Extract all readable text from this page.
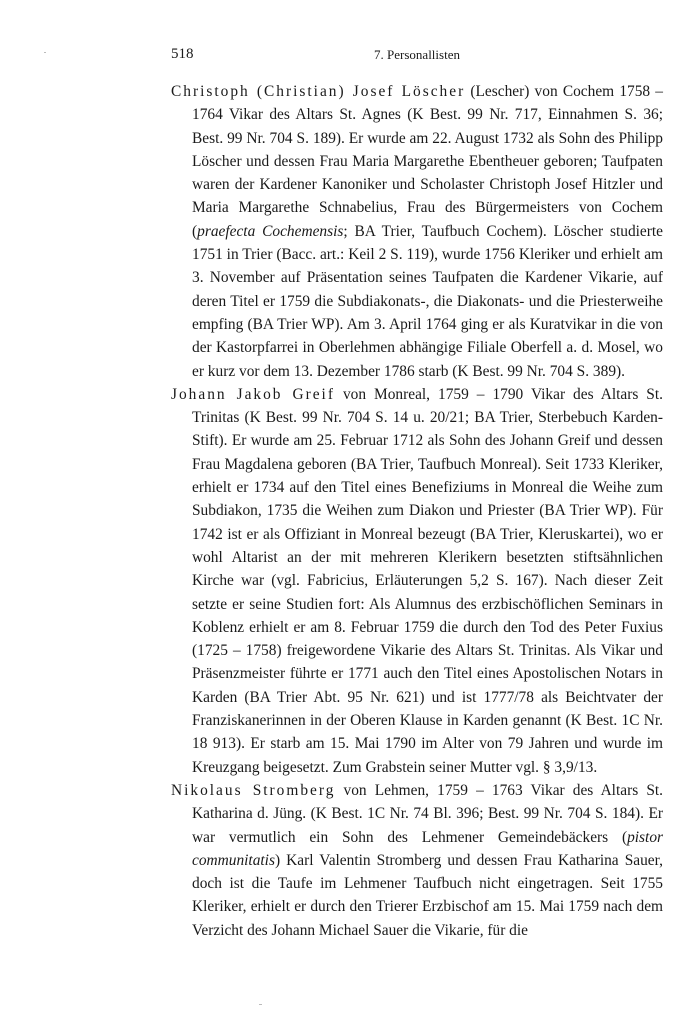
518	7. Personallisten

Christoph (Christian) Josef Löscher (Lescher) von Cochem 1758 – 1764 Vikar des Altars St. Agnes (K Best. 99 Nr. 717, Einnahmen S. 36; Best. 99 Nr. 704 S. 189). Er wurde am 22. August 1732 als Sohn des Philipp Löscher und dessen Frau Maria Margarethe Ebentheuer geboren; Taufpaten waren der Kardener Kanoniker und Scholaster Christoph Josef Hitzler und Maria Margarethe Schnabelius, Frau des Bürgermeisters von Cochem (praefecta Cochemensis; BA Trier, Taufbuch Cochem). Löscher studierte 1751 in Trier (Bacc. art.: Keil 2 S. 119), wurde 1756 Kleriker und erhielt am 3. November auf Präsentation seines Taufpaten die Kardener Vikarie, auf deren Titel er 1759 die Subdiakonats-, die Diakonats- und die Priesterweihe empfing (BA Trier WP). Am 3. April 1764 ging er als Kuratvikar in die von der Kastorpfarrei in Oberlehmen abhängige Filiale Oberfell a. d. Mosel, wo er kurz vor dem 13. Dezember 1786 starb (K Best. 99 Nr. 704 S. 389).

Johann Jakob Greif von Monreal, 1759 – 1790 Vikar des Altars St. Trinitas (K Best. 99 Nr. 704 S. 14 u. 20/21; BA Trier, Sterbebuch Karden-Stift). Er wurde am 25. Februar 1712 als Sohn des Johann Greif und dessen Frau Magdalena geboren (BA Trier, Taufbuch Monreal). Seit 1733 Kleriker, erhielt er 1734 auf den Titel eines Benefiziums in Monreal die Weihe zum Subdiakon, 1735 die Weihen zum Diakon und Priester (BA Trier WP). Für 1742 ist er als Offiziant in Monreal bezeugt (BA Trier, Kleruskartei), wo er wohl Altarist an der mit mehreren Klerikern besetzten stiftsähnlichen Kirche war (vgl. Fabricius, Erläuterungen 5,2 S. 167). Nach dieser Zeit setzte er seine Studien fort: Als Alumnus des erzbischöflichen Seminars in Koblenz erhielt er am 8. Februar 1759 die durch den Tod des Peter Fuxius (1725 – 1758) freigewordene Vikarie des Altars St. Trinitas. Als Vikar und Präsenzmeister führte er 1771 auch den Titel eines Apostolischen Notars in Karden (BA Trier Abt. 95 Nr. 621) und ist 1777/78 als Beichtvater der Franziskanerinnen in der Oberen Klause in Karden genannt (K Best. 1C Nr. 18 913). Er starb am 15. Mai 1790 im Alter von 79 Jahren und wurde im Kreuzgang beigesetzt. Zum Grabstein seiner Mutter vgl. § 3,9/13.

Nikolaus Stromberg von Lehmen, 1759 – 1763 Vikar des Altars St. Katharina d. Jüng. (K Best. 1C Nr. 74 Bl. 396; Best. 99 Nr. 704 S. 184). Er war vermutlich ein Sohn des Lehmener Gemeindebäckers (pistor communitatis) Karl Valentin Stromberg und dessen Frau Katharina Sauer, doch ist die Taufe im Lehmener Taufbuch nicht eingetragen. Seit 1755 Kleriker, erhielt er durch den Trierer Erzbischof am 15. Mai 1759 nach dem Verzicht des Johann Michael Sauer die Vikarie, für die
